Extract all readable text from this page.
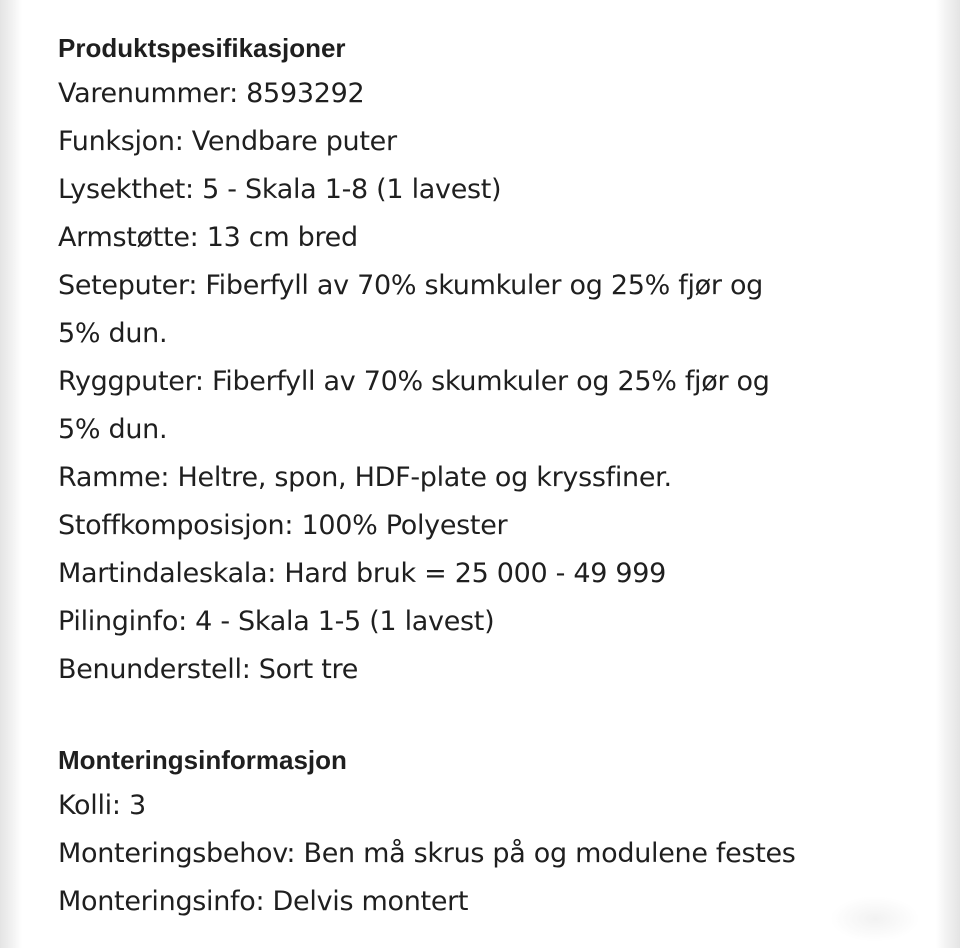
Produktspesifikasjoner
Varenummer: 8593292
Funksjon: Vendbare puter
Lysekthet: 5 - Skala 1-8 (1 lavest)
Armstøtte: 13 cm bred
Seteputer: Fiberfyll av 70% skumkuler og 25% fjør og
5% dun.
Ryggputer: Fiberfyll av 70% skumkuler og 25% fjør og
5% dun.
Ramme: Heltre, spon, HDF-plate og kryssfiner.
Stoffkomposisjon: 100% Polyester
Martindaleskala: Hard bruk = 25 000 - 49 999
Pilinginfo: 4 - Skala 1-5 (1 lavest)
Benunderstell: Sort tre
Monteringsinformasjon
Kolli: 3
Monteringsbehov: Ben må skrus på og modulene festes
Monteringsinfo: Delvis montert
